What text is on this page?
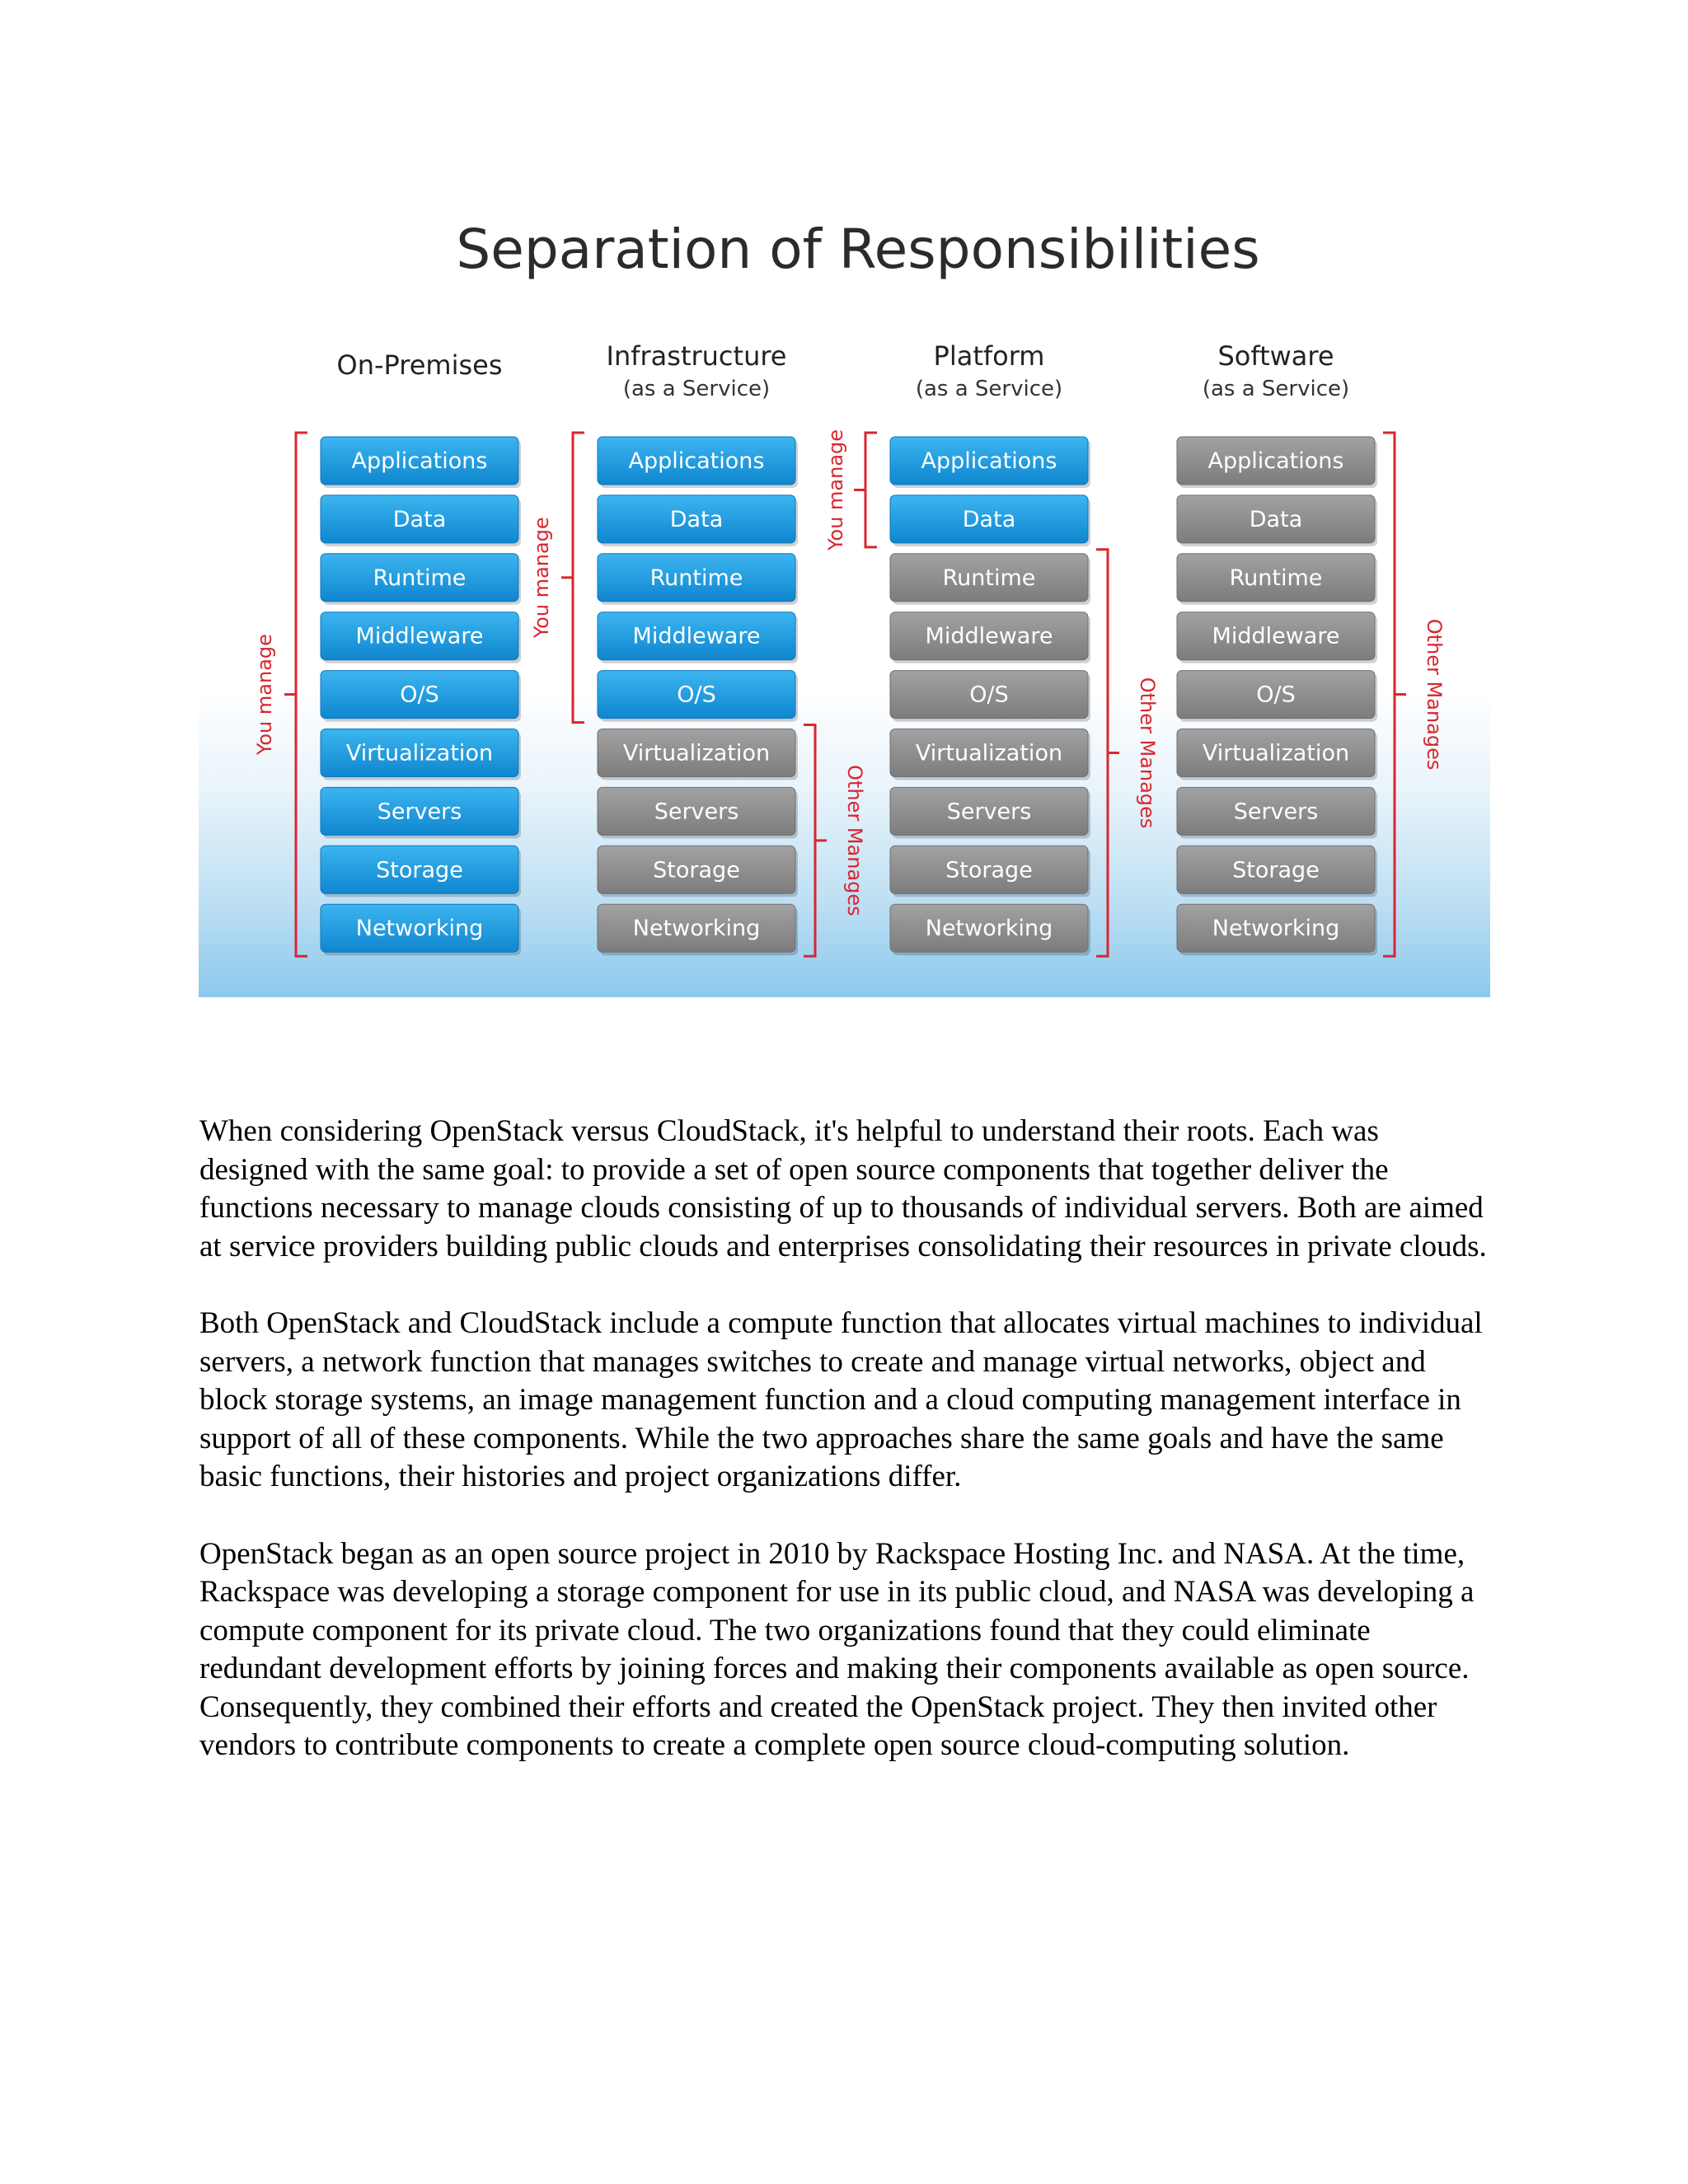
Separation of Responsibilities
On-Premises
Applications
Data
Runtime
Middleware
O/S
Virtualization
Servers
Storage
Networking
You manage
Infrastructure
(as a Service)
Applications
Data
Runtime
Middleware
O/S
Virtualization
Servers
Storage
Networking
You manage
Other Manages
Platform
(as a Service)
Applications
Data
Runtime
Middleware
O/S
Virtualization
Servers
Storage
Networking
You manage
Other Manages
Software
(as a Service)
Applications
Data
Runtime
Middleware
O/S
Virtualization
Servers
Storage
Networking
Other Manages

When considering OpenStack versus CloudStack, it's helpful to understand their roots. Each was designed with the same goal: to provide a set of open source components that together deliver the functions necessary to manage clouds consisting of up to thousands of individual servers. Both are aimed at service providers building public clouds and enterprises consolidating their resources in private clouds.

Both OpenStack and CloudStack include a compute function that allocates virtual machines to individual servers, a network function that manages switches to create and manage virtual networks, object and block storage systems, an image management function and a cloud computing management interface in support of all of these components. While the two approaches share the same goals and have the same basic functions, their histories and project organizations differ.

OpenStack began as an open source project in 2010 by Rackspace Hosting Inc. and NASA. At the time, Rackspace was developing a storage component for use in its public cloud, and NASA was developing a compute component for its private cloud. The two organizations found that they could eliminate redundant development efforts by joining forces and making their components available as open source. Consequently, they combined their efforts and created the OpenStack project. They then invited other vendors to contribute components to create a complete open source cloud-computing solution.
